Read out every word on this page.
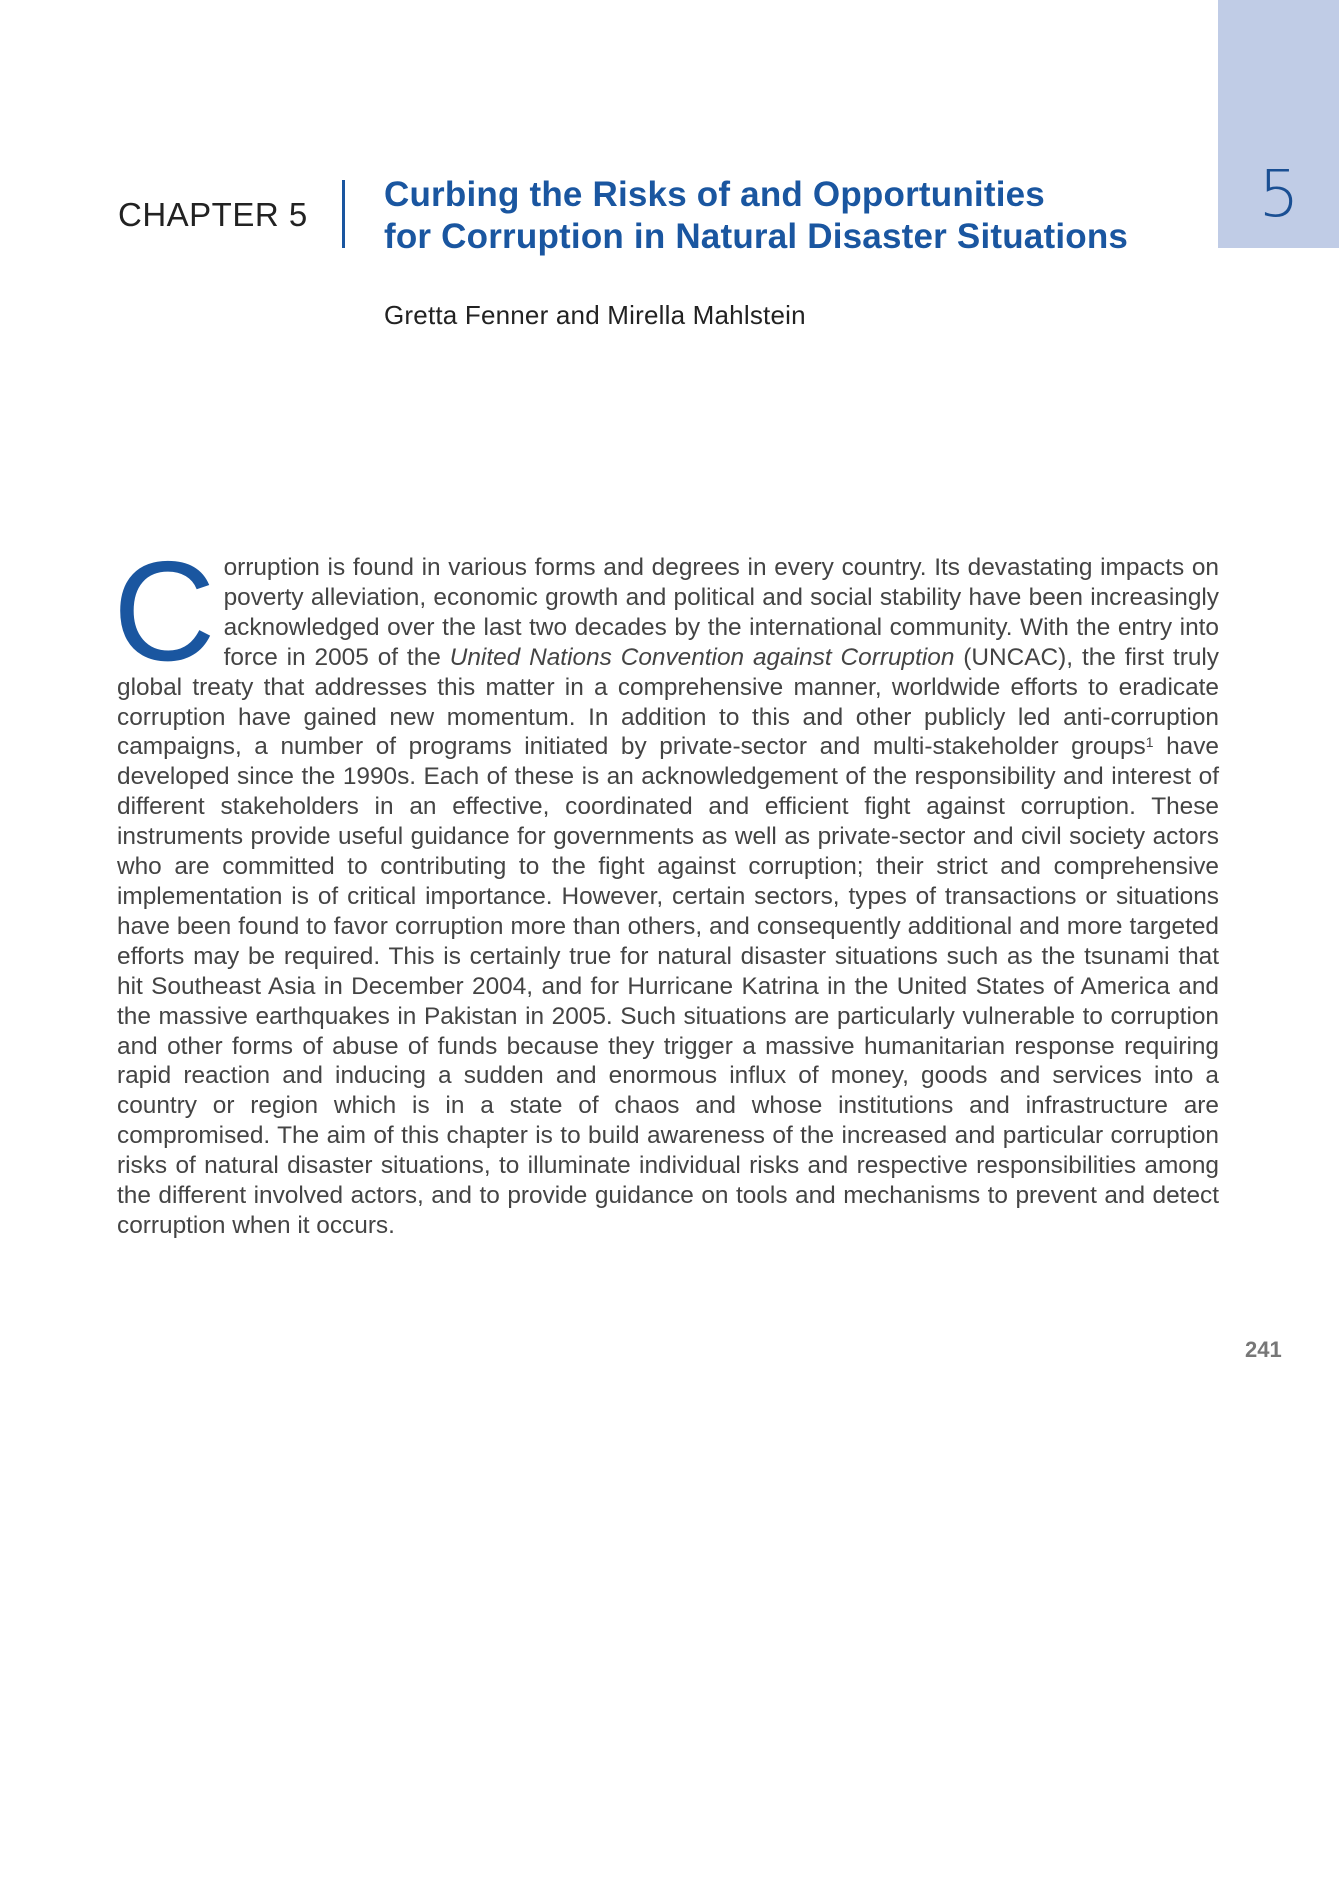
5
CHAPTER 5
Curbing the Risks of and Opportunities
for Corruption in Natural Disaster Situations
Gretta Fenner and Mirella Mahlstein
Corruption is found in various forms and degrees in every country. Its devastating impacts on poverty alleviation, economic growth and political and social stability have been increasingly acknowledged over the last two decades by the international community. With the entry into force in 2005 of the United Nations Convention against Corruption (UNCAC), the first truly global treaty that addresses this matter in a comprehensive manner, worldwide efforts to eradicate corruption have gained new momentum. In addition to this and other publicly led anti-corruption campaigns, a number of programs initiated by private-sector and multi-stakeholder groups$^1$ have developed since the 1990s. Each of these is an acknowledgement of the responsibility and interest of different stakeholders in an effective, coordinated and efficient fight against corruption. These instruments provide useful guidance for governments as well as private-sector and civil society actors who are committed to contributing to the fight against corruption; their strict and comprehensive implementation is of critical importance. However, certain sectors, types of transactions or situations have been found to favor corruption more than others, and consequently additional and more targeted efforts may be required. This is certainly true for natural disaster situations such as the tsunami that hit Southeast Asia in December 2004, and for Hurricane Katrina in the United States of America and the massive earthquakes in Pakistan in 2005. Such situations are particularly vulnerable to corruption and other forms of abuse of funds because they trigger a massive humanitarian response requiring rapid reaction and inducing a sudden and enormous influx of money, goods and services into a country or region which is in a state of chaos and whose institutions and infrastructure are compromised. The aim of this chapter is to build awareness of the increased and particular corruption risks of natural disaster situations, to illuminate individual risks and respective responsibilities among the different involved actors, and to provide guidance on tools and mechanisms to prevent and detect corruption when it occurs.
241
